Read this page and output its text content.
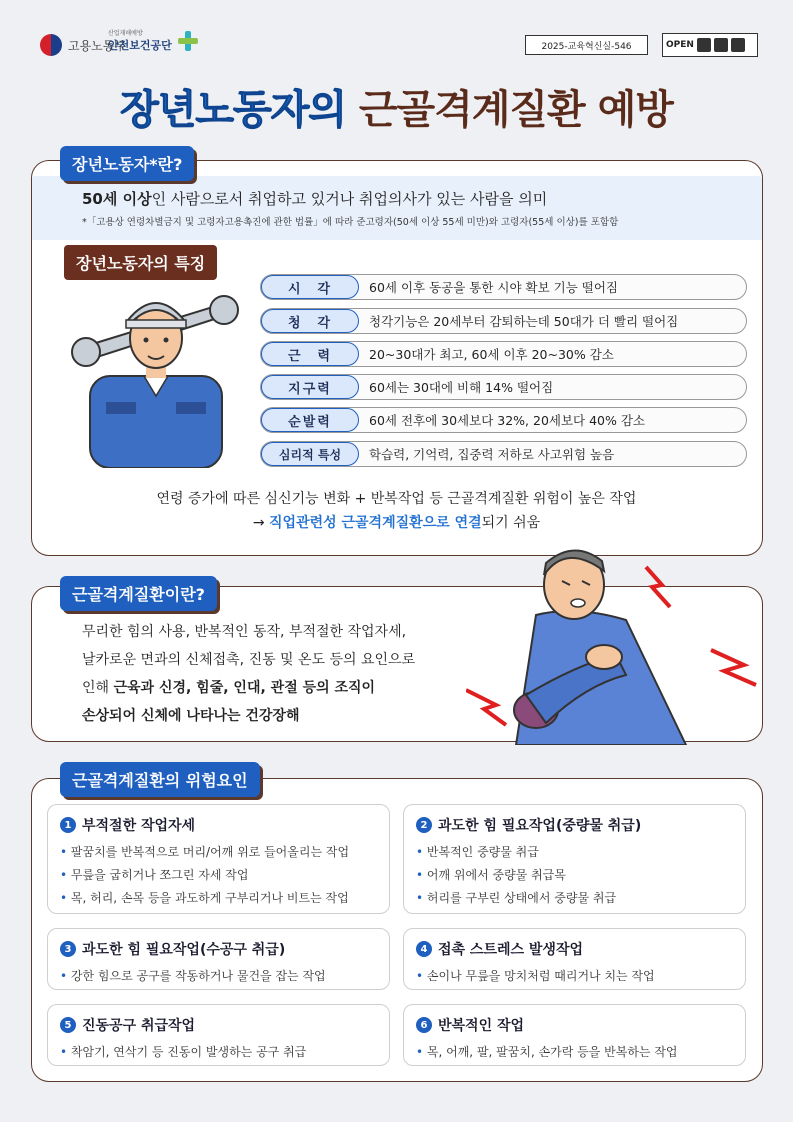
고용노동부
산업재해예방
안전보건공단	2025-교육혁신실-546	OPEN
장년노동자의 근골격계질환 예방
장년노동자*란?
50세 이상인 사람으로서 취업하고 있거나 취업의사가 있는 사람을 의미
*「고용상 연령차별금지 및 고령자고용촉진에 관한 법률」에 따라 준고령자(50세 이상 55세 미만)와 고령자(55세 이상)를 포함함
장년노동자의 특징
시　각	60세 이후 동공을 통한 시야 확보 기능 떨어짐
청　각	청각기능은 20세부터 감퇴하는데 50대가 더 빨리 떨어짐
근　력	20~30대가 최고, 60세 이후 20~30% 감소
지구력	60세는 30대에 비해 14% 떨어짐
순발력	60세 전후에 30세보다 32%, 20세보다 40% 감소
심리적 특성	학습력, 기억력, 집중력 저하로 사고위험 높음
연령 증가에 따른 심신기능 변화 + 반복작업 등 근골격계질환 위험이 높은 작업
→ 직업관련성 근골격계질환으로 연결되기 쉬움
근골격계질환이란?
무리한 힘의 사용, 반복적인 동작, 부적절한 작업자세,
날카로운 면과의 신체접촉, 진동 및 온도 등의 요인으로
인해 근육과 신경, 힘줄, 인대, 관절 등의 조직이
손상되어 신체에 나타나는 건강장해
근골격계질환의 위험요인
1 부적절한 작업자세
• 팔꿈치를 반복적으로 머리/어깨 위로 들어올리는 작업
• 무릎을 굽히거나 쪼그린 자세 작업
• 목, 허리, 손목 등을 과도하게 구부리거나 비트는 작업
2 과도한 힘 필요작업(중량물 취급)
• 반복적인 중량물 취급
• 어깨 위에서 중량물 취급목
• 허리를 구부린 상태에서 중량물 취급
3 과도한 힘 필요작업(수공구 취급)
• 강한 힘으로 공구를 작동하거나 물건을 잡는 작업
4 접촉 스트레스 발생작업
• 손이나 무릎을 망치처럼 때리거나 치는 작업
5 진동공구 취급작업
• 착암기, 연삭기 등 진동이 발생하는 공구 취급
6 반복적인 작업
• 목, 어깨, 팔, 팔꿈치, 손가락 등을 반복하는 작업
